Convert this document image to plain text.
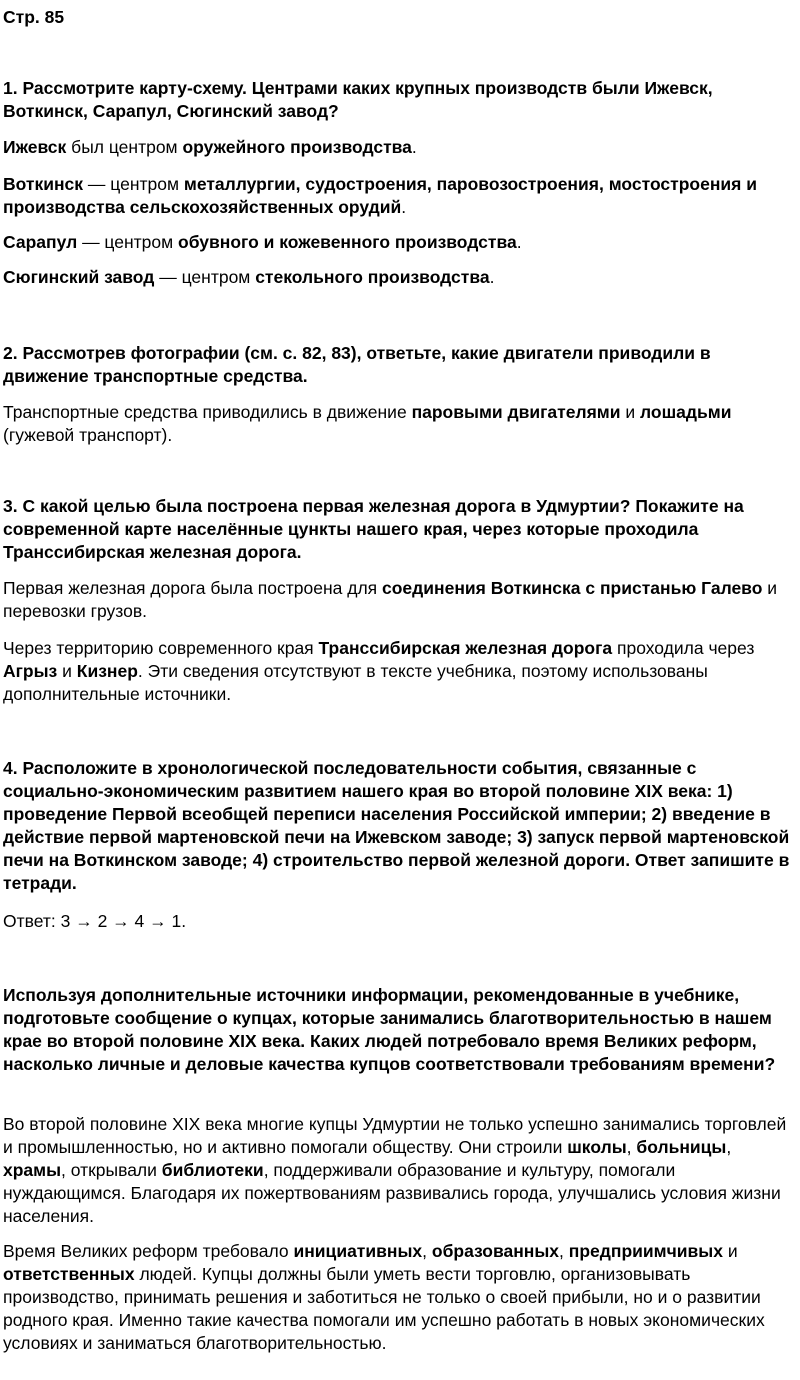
Стр. 85
1. Рассмотрите карту-схему. Центрами каких крупных производств были Ижевск, Воткинск, Сарапул, Сюгинский завод?
Ижевск был центром оружейного производства.
Воткинск — центром металлургии, судостроения, паровозостроения, мостостроения и производства сельскохозяйственных орудий.
Сарапул — центром обувного и кожевенного производства.
Сюгинский завод — центром стекольного производства.
2. Рассмотрев фотографии (см. с. 82, 83), ответьте, какие двигатели приводили в движение транспортные средства.
Транспортные средства приводились в движение паровыми двигателями и лошадьми (гужевой транспорт).
3. С какой целью была построена первая железная дорога в Удмуртии? Покажите на современной карте населённые цункты нашего края, через которые проходила Транссибирская железная дорога.
Первая железная дорога была построена для соединения Воткинска с пристанью Галево и перевозки грузов.
Через территорию современного края Транссибирская железная дорога проходила через Агрыз и Кизнер. Эти сведения отсутствуют в тексте учебника, поэтому использованы дополнительные источники.
4. Расположите в хронологической последовательности события, связанные с социально-экономическим развитием нашего края во второй половине XIX века: 1) проведение Первой всеобщей переписи населения Российской империи; 2) введение в действие первой мартеновской печи на Ижевском заводе; 3) запуск первой мартеновской печи на Воткинском заводе; 4) строительство первой железной дороги. Ответ запишите в тетради.
Ответ: 3 → 2 → 4 → 1.
Используя дополнительные источники информации, рекомендованные в учебнике, подготовьте сообщение о купцах, которые занимались благотворительностью в нашем крае во второй половине XIX века. Каких людей потребовало время Великих реформ, насколько личные и деловые качества купцов соответствовали требованиям времени?
Во второй половине XIX века многие купцы Удмуртии не только успешно занимались торговлей и промышленностью, но и активно помогали обществу. Они строили школы, больницы, храмы, открывали библиотеки, поддерживали образование и культуру, помогали нуждающимся. Благодаря их пожертвованиям развивались города, улучшались условия жизни населения.
Время Великих реформ требовало инициативных, образованных, предприимчивых и ответственных людей. Купцы должны были уметь вести торговлю, организовывать производство, принимать решения и заботиться не только о своей прибыли, но и о развитии родного края. Именно такие качества помогали им успешно работать в новых экономических условиях и заниматься благотворительностью.
